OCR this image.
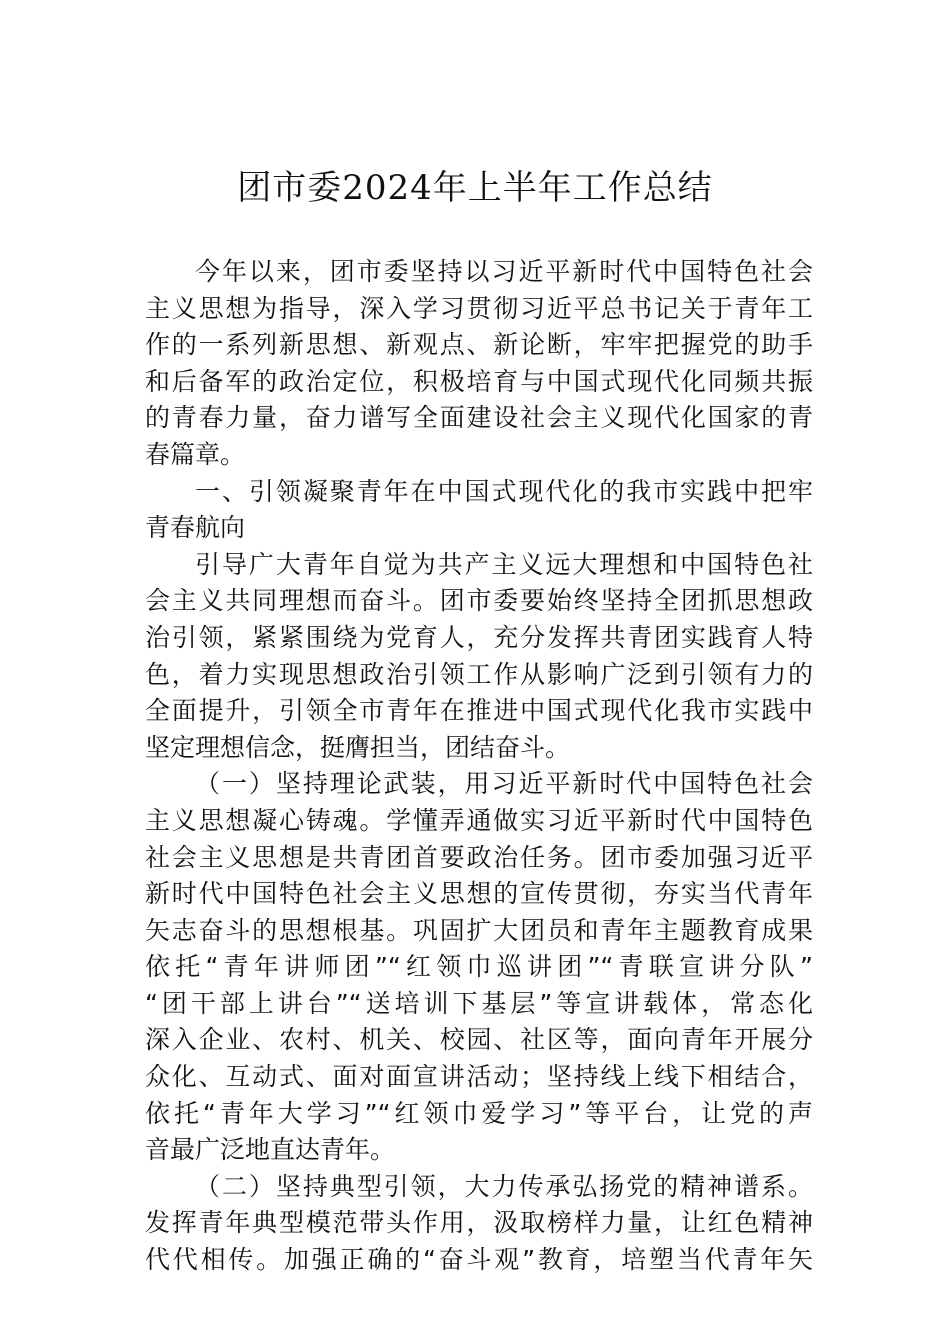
团市委2024年上半年工作总结
今年以来，团市委坚持以习近平新时代中国特色社会
主义思想为指导，深入学习贯彻习近平总书记关于青年工
作的一系列新思想、新观点、新论断，牢牢把握党的助手
和后备军的政治定位，积极培育与中国式现代化同频共振
的青春力量，奋力谱写全面建设社会主义现代化国家的青
春篇章。
一、引领凝聚青年在中国式现代化的我市实践中把牢
青春航向
引导广大青年自觉为共产主义远大理想和中国特色社
会主义共同理想而奋斗。团市委要始终坚持全团抓思想政
治引领，紧紧围绕为党育人，充分发挥共青团实践育人特
色，着力实现思想政治引领工作从影响广泛到引领有力的
全面提升，引领全市青年在推进中国式现代化我市实践中
坚定理想信念，挺膺担当，团结奋斗。
（一）坚持理论武装，用习近平新时代中国特色社会
主义思想凝心铸魂。学懂弄通做实习近平新时代中国特色
社会主义思想是共青团首要政治任务。团市委加强习近平
新时代中国特色社会主义思想的宣传贯彻，夯实当代青年
矢志奋斗的思想根基。巩固扩大团员和青年主题教育成果
依托“青年讲师团”“红领巾巡讲团”“青联宣讲分队”
“团干部上讲台”“送培训下基层”等宣讲载体，常态化
深入企业、农村、机关、校园、社区等，面向青年开展分
众化、互动式、面对面宣讲活动；坚持线上线下相结合，
依托“青年大学习”“红领巾爱学习”等平台，让党的声
音最广泛地直达青年。
（二）坚持典型引领，大力传承弘扬党的精神谱系。
发挥青年典型模范带头作用，汲取榜样力量，让红色精神
代代相传。加强正确的“奋斗观”教育，培塑当代青年矢
